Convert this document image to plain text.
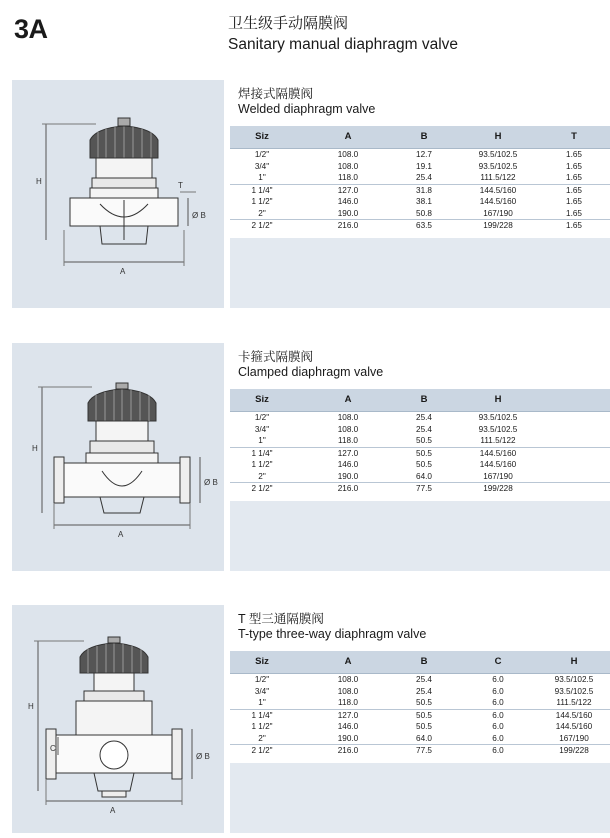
3A	卫生级手动隔膜阀
Sanitary manual diaphragm valve
H	T
A
Ø B
焊接式隔膜阀
Welded diaphragm valve
Siz	A	B	H	T
1/2"	108.0	12.7	93.5/102.5	1.65
3/4"	108.0	19.1	93.5/102.5	1.65
1"	118.0	25.4	111.5/122	1.65
1 1/4"	127.0	31.8	144.5/160	1.65
1 1/2"	146.0	38.1	144.5/160	1.65
2"	190.0	50.8	167/190	1.65
2 1/2"	216.0	63.5	199/228	1.65
H
A
Ø B
卡箍式隔膜阀
Clamped diaphragm valve
Siz	A	B	H
1/2"	108.0	25.4	93.5/102.5
3/4"	108.0	25.4	93.5/102.5
1"	118.0	50.5	111.5/122
1 1/4"	127.0	50.5	144.5/160
1 1/2"	146.0	50.5	144.5/160
2"	190.0	64.0	167/190
2 1/2"	216.0	77.5	199/228
H
C
A
Ø B
T 型三通隔膜阀
T-type three-way diaphragm valve
Siz	A	B	C	H
1/2"	108.0	25.4	6.0	93.5/102.5
3/4"	108.0	25.4	6.0	93.5/102.5
1"	118.0	50.5	6.0	111.5/122
1 1/4"	127.0	50.5	6.0	144.5/160
1 1/2"	146.0	50.5	6.0	144.5/160
2"	190.0	64.0	6.0	167/190
2 1/2"	216.0	77.5	6.0	199/228
